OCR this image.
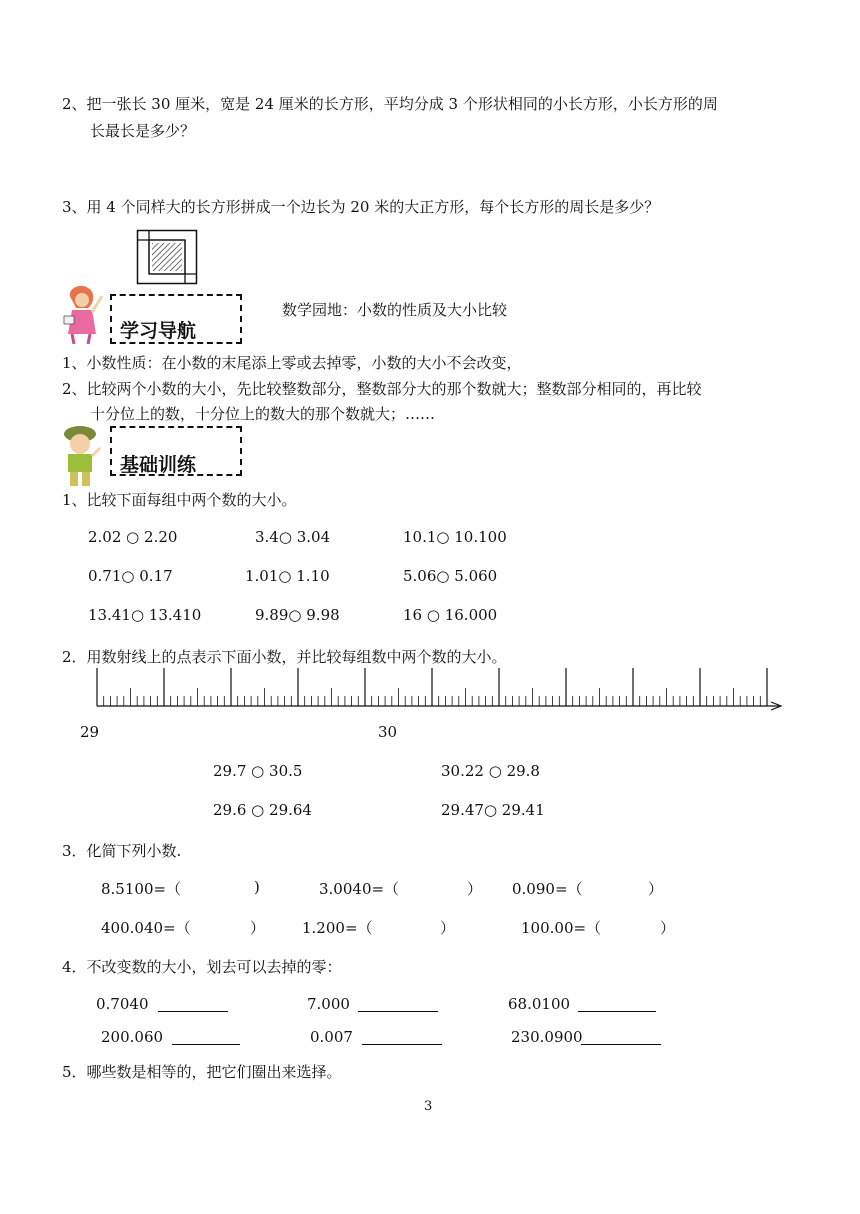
2、把一张长 30 厘米，宽是 24 厘米的长方形，平均分成 3 个形状相同的小长方形，小长方形的周
长最长是多少？
3、用 4 个同样大的长方形拼成一个边长为 20 米的大正方形，每个长方形的周长是多少？
学习导航
数学园地：小数的性质及大小比较
1、小数性质：在小数的末尾添上零或去掉零，小数的大小不会改变，
2、比较两个小数的大小，先比较整数部分，整数部分大的那个数就大；整数部分相同的，再比较
十分位上的数，十分位上的数大的那个数就大；……
基础训练
1、比较下面每组中两个数的大小。
2.02 ○ 2.20	3.4○ 3.04	10.1○ 10.100
0.71○ 0.17	1.01○ 1.10	5.06○ 5.060
13.41○ 13.410	9.89○ 9.98	16 ○ 16.000
2．用数射线上的点表示下面小数，并比较每组数中两个数的大小。
29	30
29.7 ○ 30.5	30.22 ○ 29.8
29.6 ○ 29.64	29.47○ 29.41
3．化简下列小数.
8.5100=（	)	3.0040=（	） 0.090=（	）
400.040=（	） 1.200=（	）	100.00=（	）
4．不改变数的大小，划去可以去掉的零：
0.7040	7.000	68.0100
200.060	0.007	230.0900
5．哪些数是相等的，把它们圈出来选择。
3
